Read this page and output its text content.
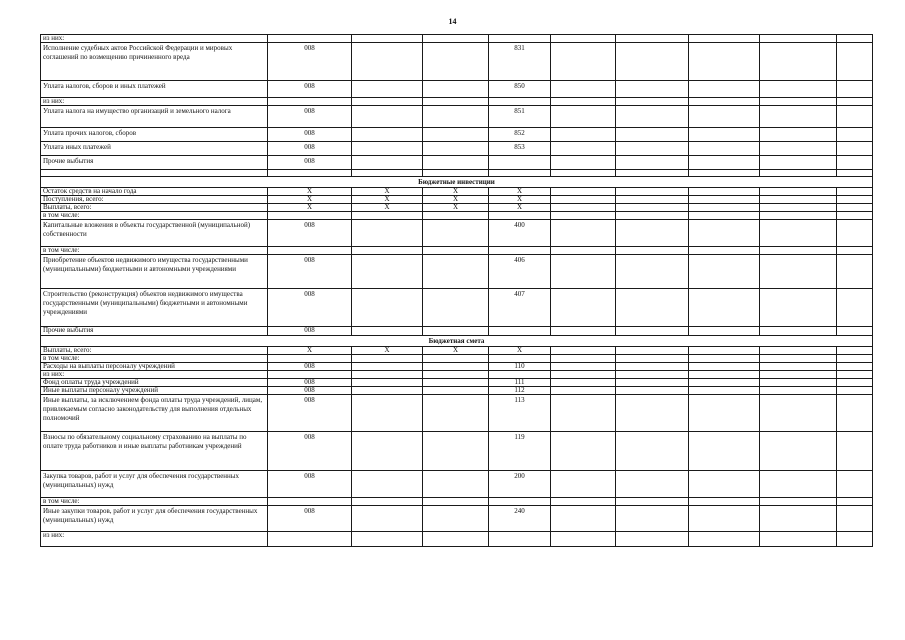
14
из них:									
Исполнение судебных актов Российской Федерации и мировых соглашений по возмещению причиненного вреда	008			831					
Уплата налогов, сборов и иных платежей	008			850					
из них:									
Уплата налога на имущество организаций и земельного налога	008			851					
Уплата прочих налогов, сборов	008			852					
Уплата иных платежей	008			853					
Прочие выбытия	008								

Бюджетные инвестиции									
Остаток средств на начало года	X	X	X	X					
Поступления, всего:	X	X	X	X					
Выплаты, всего:	X	X	X	X					
в том числе:									
Капитальные вложения в объекты государственной (муниципальной) собственности	008			400					
в том числе:									
Приобретение объектов недвижимого имущества государственными (муниципальными) бюджетными и автономными учреждениями	008			406					
Строительство (реконструкция) объектов недвижимого имущества государственными (муниципальными) бюджетными и автономными учреждениями	008			407					
Прочие выбытия	008								
Бюджетная смета									
Выплаты, всего:	X	X	X	X					
в том числе:									
Расходы на выплаты персоналу учреждений	008			110					
из них:									
Фонд оплаты труда учреждений	008			111					
Иные выплаты персоналу учреждений	008			112					
Иные выплаты, за исключением фонда оплаты труда учреждений, лицам, привлекаемым согласно законодательству для выполнения отдельных полномочий	008			113					
Взносы по обязательному социальному страхованию на выплаты по оплате труда работников и иные выплаты работникам учреждений	008			119					
Закупка товаров, работ и услуг для обеспечения государственных (муниципальных) нужд	008			200					
в том числе:									
Иные закупки товаров, работ и услуг для обеспечения государственных (муниципальных) нужд	008			240					
из них:									
